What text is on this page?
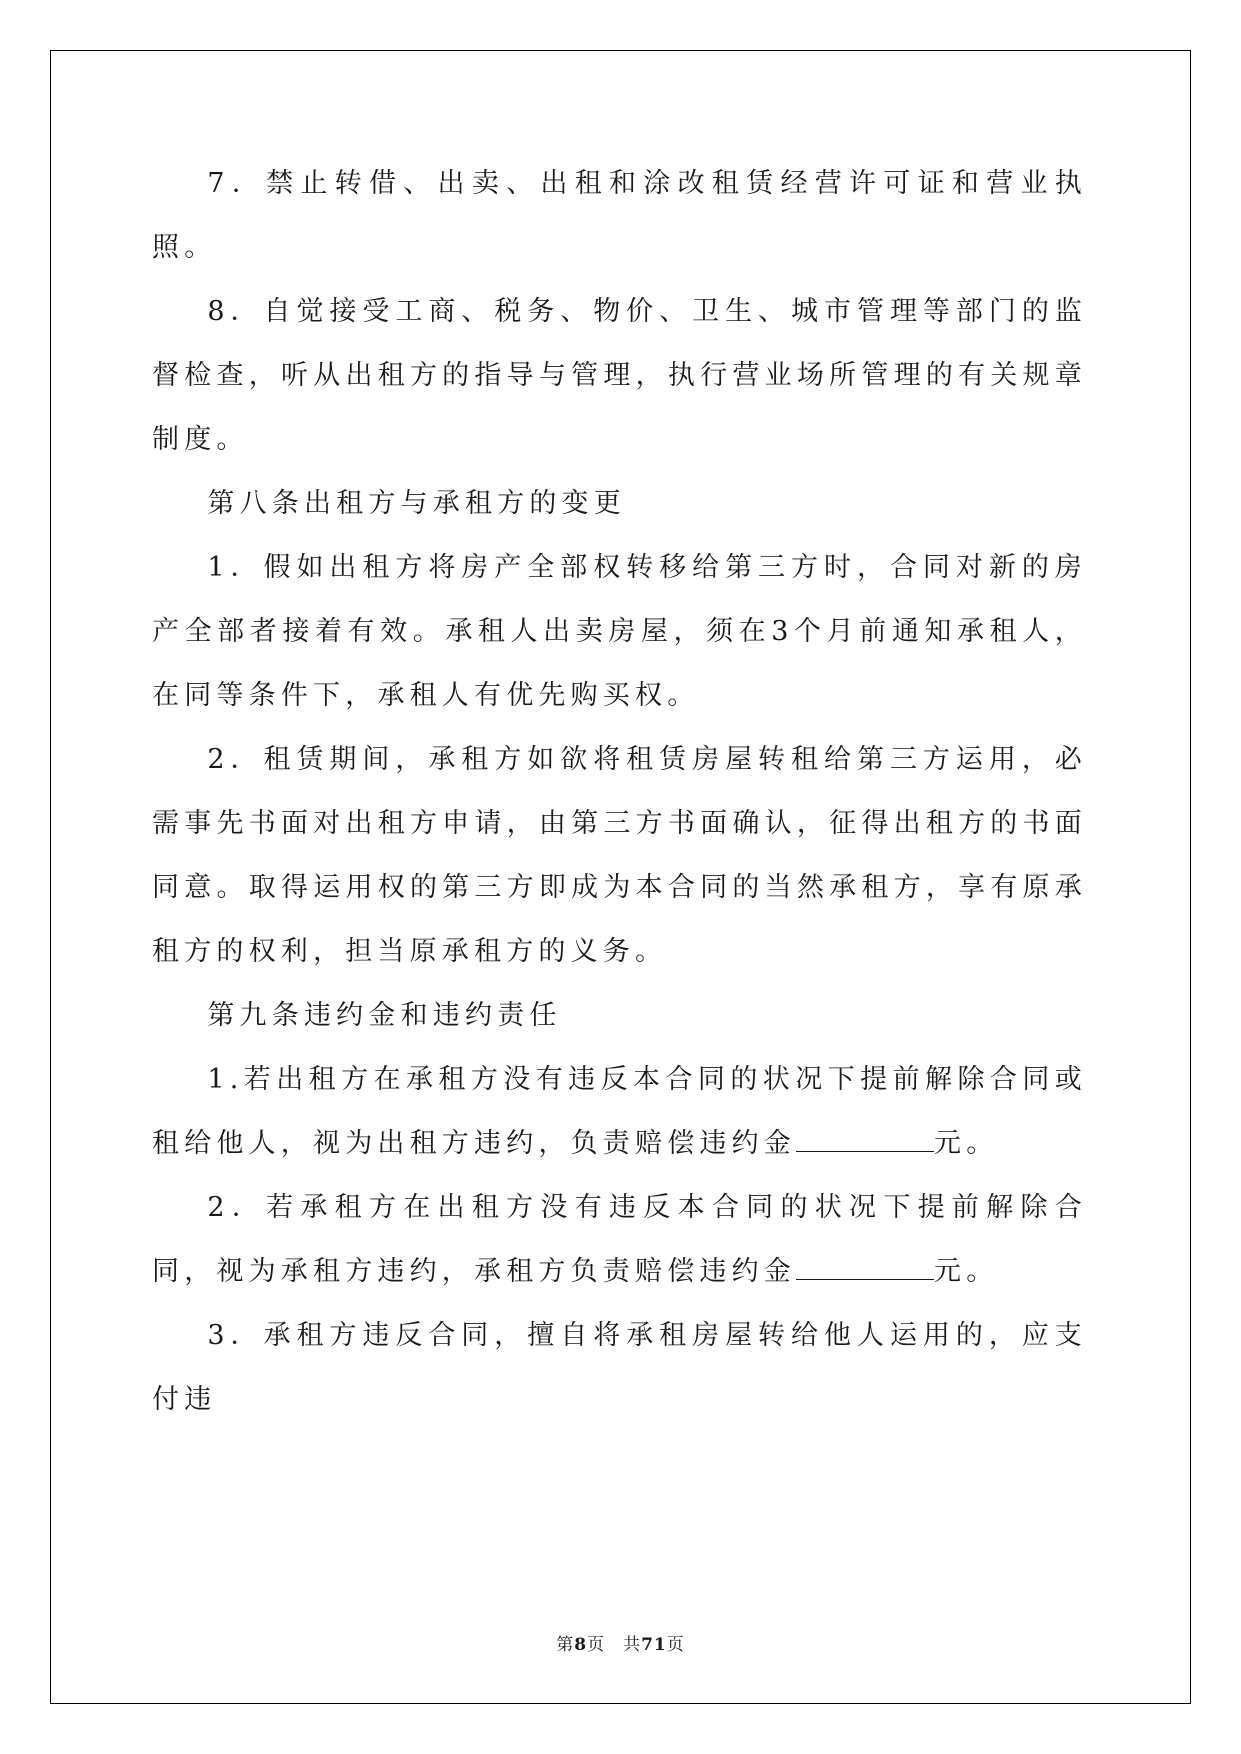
7．禁止转借、出卖、出租和涂改租赁经营许可证和营业执照。

8．自觉接受工商、税务、物价、卫生、城市管理等部门的监督检查，听从出租方的指导与管理，执行营业场所管理的有关规章制度。

第八条出租方与承租方的变更

1．假如出租方将房产全部权转移给第三方时，合同对新的房产全部者接着有效。承租人出卖房屋，须在3个月前通知承租人，在同等条件下，承租人有优先购买权。

2．租赁期间，承租方如欲将租赁房屋转租给第三方运用，必需事先书面对出租方申请，由第三方书面确认，征得出租方的书面同意。取得运用权的第三方即成为本合同的当然承租方，享有原承租方的权利，担当原承租方的义务。

第九条违约金和违约责任

1.若出租方在承租方没有违反本合同的状况下提前解除合同或租给他人，视为出租方违约，负责赔偿违约金	元。

2．若承租方在出租方没有违反本合同的状况下提前解除合同，视为承租方违约，承租方负责赔偿违约金	元。

3．承租方违反合同，擅自将承租房屋转给他人运用的，应支付违

第8页　共71页
